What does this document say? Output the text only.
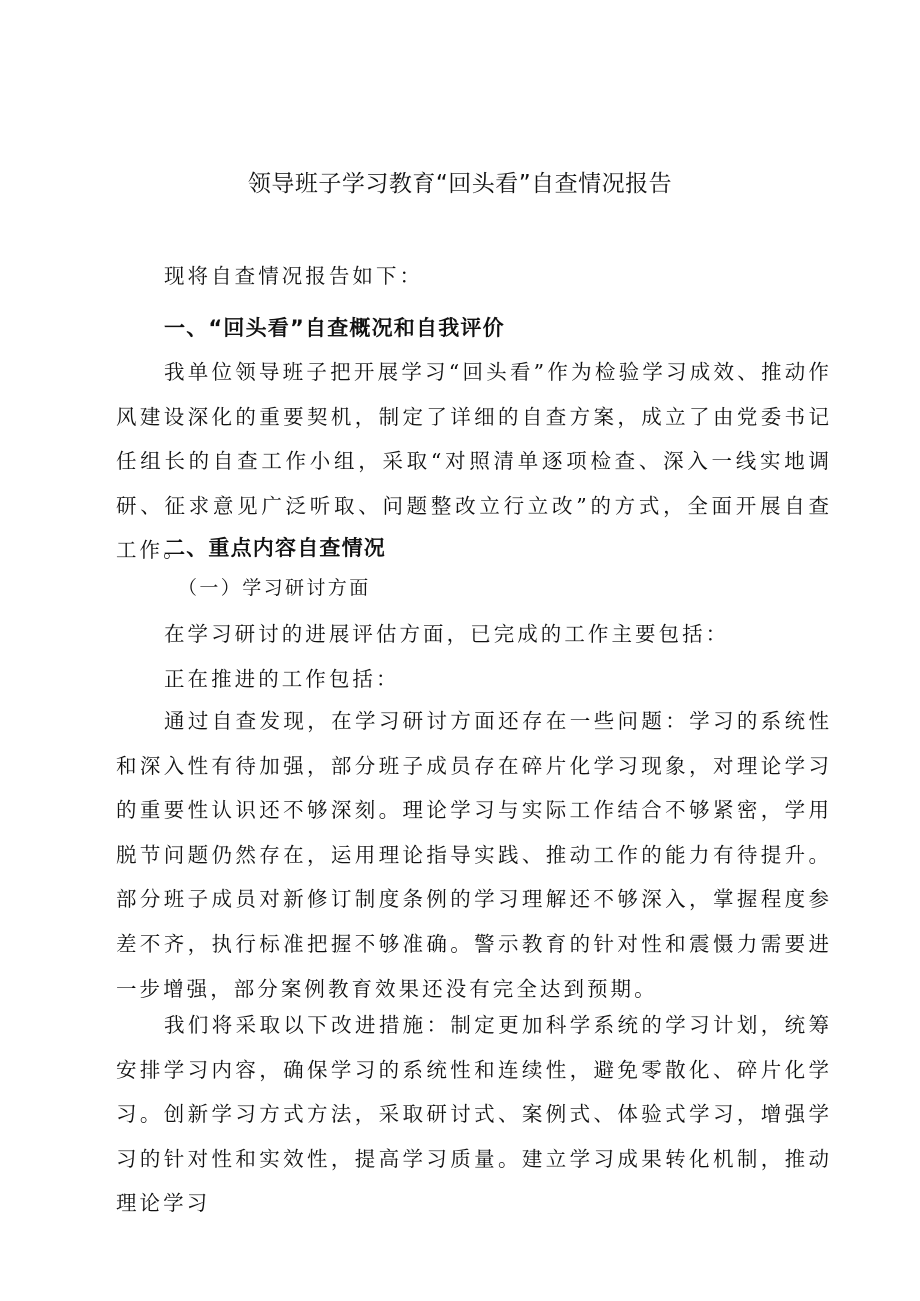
领导班子学习教育“回头看”自查情况报告

现将自查情况报告如下：

一、“回头看”自查概况和自我评价

我单位领导班子把开展学习“回头看”作为检验学习成效、推动作风建设深化的重要契机，制定了详细的自查方案，成立了由党委书记任组长的自查工作小组，采取“对照清单逐项检查、深入一线实地调研、征求意见广泛听取、问题整改立行立改”的方式，全面开展自查工作。

二、重点内容自查情况

（一）学习研讨方面

在学习研讨的进展评估方面，已完成的工作主要包括：

正在推进的工作包括：

通过自查发现，在学习研讨方面还存在一些问题：学习的系统性和深入性有待加强，部分班子成员存在碎片化学习现象，对理论学习的重要性认识还不够深刻。理论学习与实际工作结合不够紧密，学用脱节问题仍然存在，运用理论指导实践、推动工作的能力有待提升。部分班子成员对新修订制度条例的学习理解还不够深入，掌握程度参差不齐，执行标准把握不够准确。警示教育的针对性和震慑力需要进一步增强，部分案例教育效果还没有完全达到预期。

我们将采取以下改进措施：制定更加科学系统的学习计划，统筹安排学习内容，确保学习的系统性和连续性，避免零散化、碎片化学习。创新学习方式方法，采取研讨式、案例式、体验式学习，增强学习的针对性和实效性，提高学习质量。建立学习成果转化机制，推动理论学习
